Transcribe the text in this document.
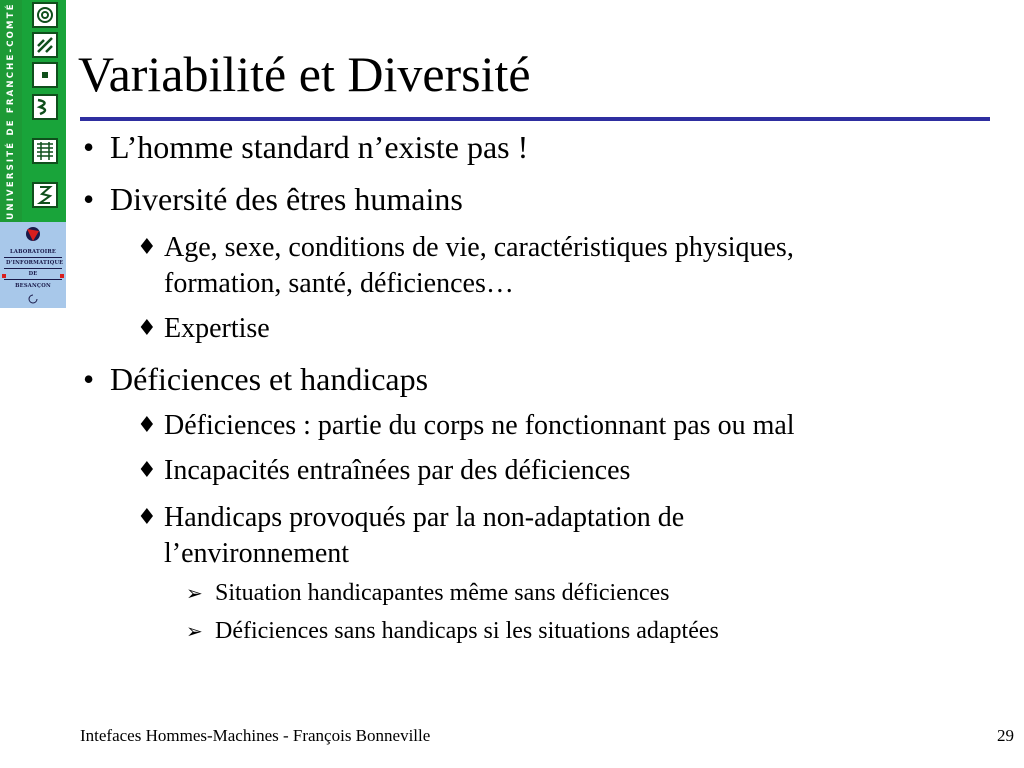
UNIVERSITÉ DE FRANCHE-COMTÉ
LABORATOIRE
D'INFORMATIQUE
DE
BESANÇON
Variabilité et Diversité
• L’homme standard n’existe pas !
• Diversité des êtres humains
♦ Age, sexe, conditions de vie, caractéristiques physiques,
formation, santé, déficiences…
♦ Expertise
• Déficiences et handicaps
♦ Déficiences : partie du corps ne fonctionnant pas ou mal
♦ Incapacités entraînées par des déficiences
♦ Handicaps provoqués par la non-adaptation de
l’environnement
➢ Situation handicapantes même sans déficiences
➢ Déficiences sans handicaps si les situations adaptées
Intefaces Hommes-Machines - François Bonneville	29
